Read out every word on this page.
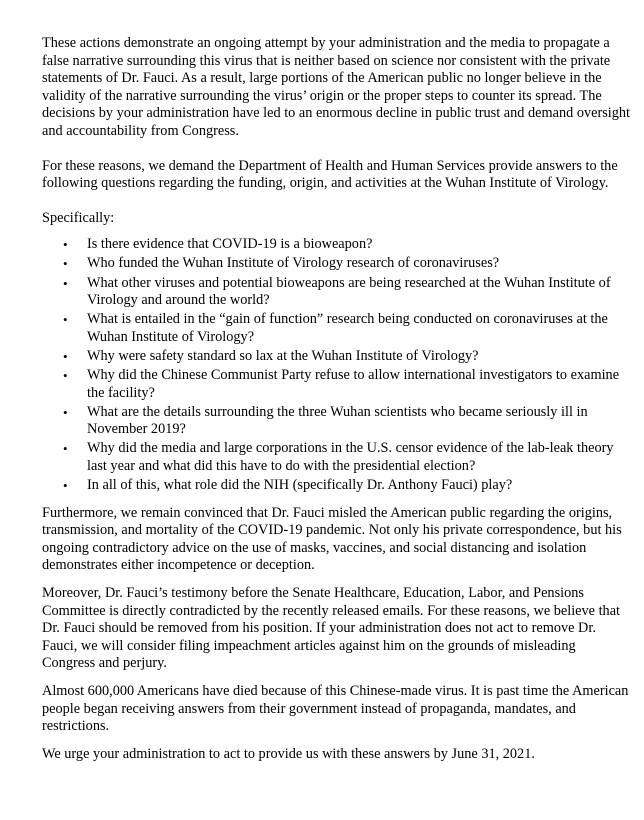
These actions demonstrate an ongoing attempt by your administration and the media to propagate a false narrative surrounding this virus that is neither based on science nor consistent with the private statements of Dr. Fauci. As a result, large portions of the American public no longer believe in the validity of the narrative surrounding the virus’ origin or the proper steps to counter its spread. The decisions by your administration have led to an enormous decline in public trust and demand oversight and accountability from Congress.

For these reasons, we demand the Department of Health and Human Services provide answers to the following questions regarding the funding, origin, and activities at the Wuhan Institute of Virology.

Specifically:

• Is there evidence that COVID-19 is a bioweapon?
• Who funded the Wuhan Institute of Virology research of coronaviruses?
• What other viruses and potential bioweapons are being researched at the Wuhan Institute of Virology and around the world?
• What is entailed in the “gain of function” research being conducted on coronaviruses at the Wuhan Institute of Virology?
• Why were safety standard so lax at the Wuhan Institute of Virology?
• Why did the Chinese Communist Party refuse to allow international investigators to examine the facility?
• What are the details surrounding the three Wuhan scientists who became seriously ill in November 2019?
• Why did the media and large corporations in the U.S. censor evidence of the lab-leak theory last year and what did this have to do with the presidential election?
• In all of this, what role did the NIH (specifically Dr. Anthony Fauci) play?

Furthermore, we remain convinced that Dr. Fauci misled the American public regarding the origins, transmission, and mortality of the COVID-19 pandemic. Not only his private correspondence, but his ongoing contradictory advice on the use of masks, vaccines, and social distancing and isolation demonstrates either incompetence or deception.

Moreover, Dr. Fauci’s testimony before the Senate Healthcare, Education, Labor, and Pensions Committee is directly contradicted by the recently released emails. For these reasons, we believe that Dr. Fauci should be removed from his position. If your administration does not act to remove Dr. Fauci, we will consider filing impeachment articles against him on the grounds of misleading Congress and perjury.

Almost 600,000 Americans have died because of this Chinese-made virus. It is past time the American people began receiving answers from their government instead of propaganda, mandates, and restrictions.

We urge your administration to act to provide us with these answers by June 31, 2021.
